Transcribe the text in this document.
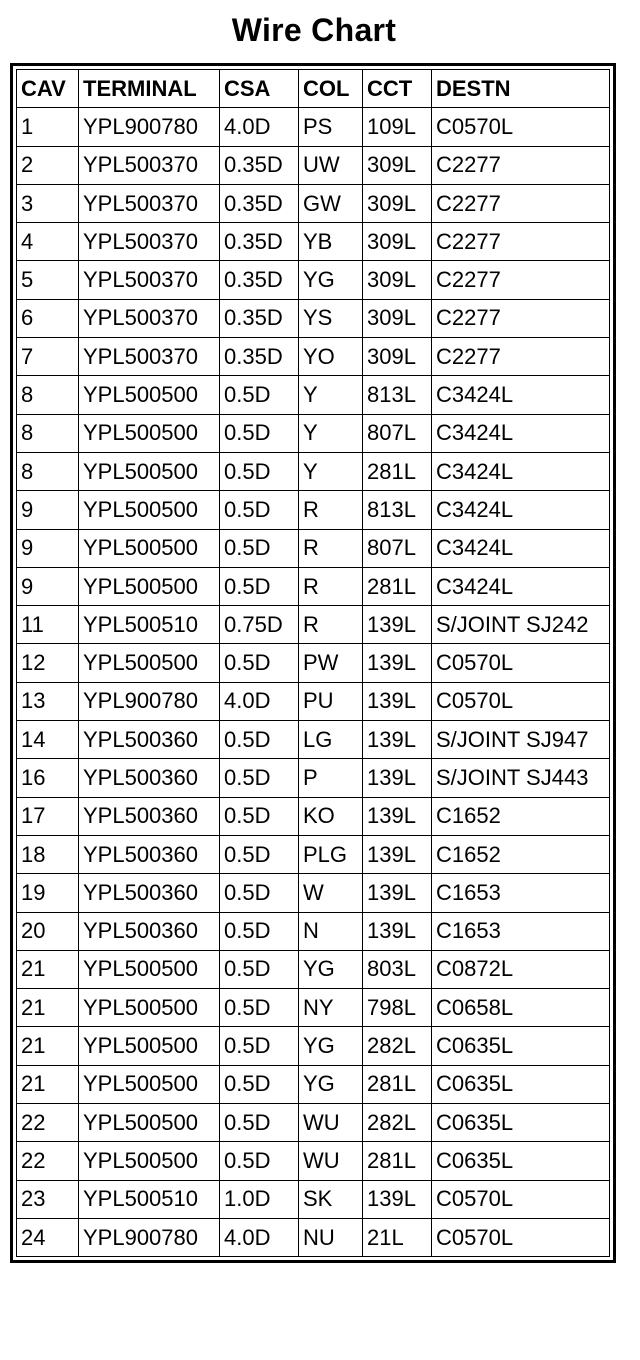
Wire Chart
CAV	TERMINAL	CSA	COL	CCT	DESTN
1	YPL900780	4.0D	PS	109L	C0570L
2	YPL500370	0.35D	UW	309L	C2277
3	YPL500370	0.35D	GW	309L	C2277
4	YPL500370	0.35D	YB	309L	C2277
5	YPL500370	0.35D	YG	309L	C2277
6	YPL500370	0.35D	YS	309L	C2277
7	YPL500370	0.35D	YO	309L	C2277
8	YPL500500	0.5D	Y	813L	C3424L
8	YPL500500	0.5D	Y	807L	C3424L
8	YPL500500	0.5D	Y	281L	C3424L
9	YPL500500	0.5D	R	813L	C3424L
9	YPL500500	0.5D	R	807L	C3424L
9	YPL500500	0.5D	R	281L	C3424L
11	YPL500510	0.75D	R	139L	S/JOINT SJ242
12	YPL500500	0.5D	PW	139L	C0570L
13	YPL900780	4.0D	PU	139L	C0570L
14	YPL500360	0.5D	LG	139L	S/JOINT SJ947
16	YPL500360	0.5D	P	139L	S/JOINT SJ443
17	YPL500360	0.5D	KO	139L	C1652
18	YPL500360	0.5D	PLG	139L	C1652
19	YPL500360	0.5D	W	139L	C1653
20	YPL500360	0.5D	N	139L	C1653
21	YPL500500	0.5D	YG	803L	C0872L
21	YPL500500	0.5D	NY	798L	C0658L
21	YPL500500	0.5D	YG	282L	C0635L
21	YPL500500	0.5D	YG	281L	C0635L
22	YPL500500	0.5D	WU	282L	C0635L
22	YPL500500	0.5D	WU	281L	C0635L
23	YPL500510	1.0D	SK	139L	C0570L
24	YPL900780	4.0D	NU	21L	C0570L
